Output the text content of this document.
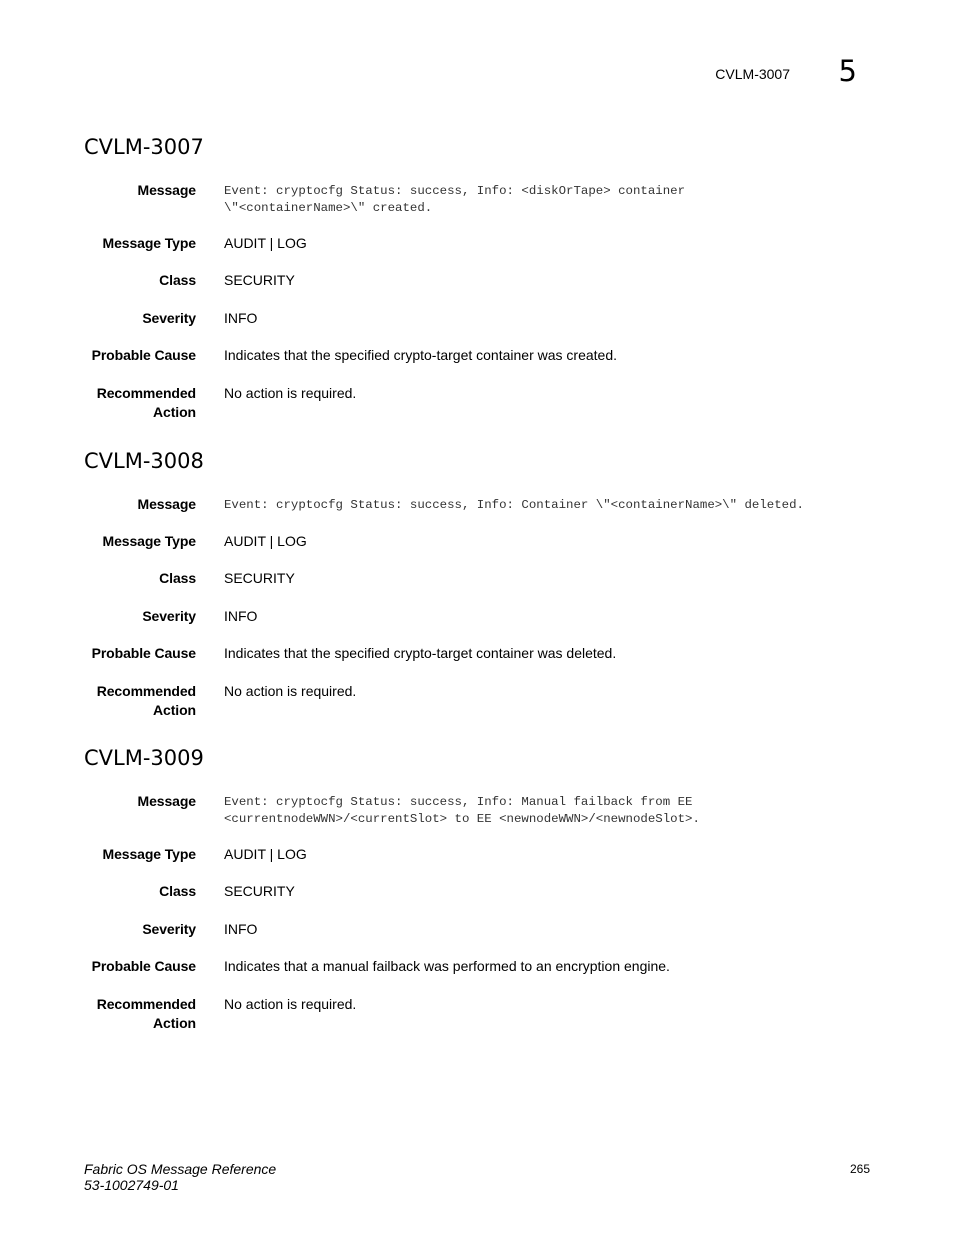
CVLM-3007 5
CVLM-3007
Message Event: cryptocfg Status: success, Info: <diskOrTape> container
\"<containerName>\" created.
Message Type AUDIT | LOG
Class SECURITY
Severity INFO
Probable Cause Indicates that the specified crypto-target container was created.
Recommended
Action
No action is required.
CVLM-3008
Message Event: cryptocfg Status: success, Info: Container \"<containerName>\" deleted.
Message Type AUDIT | LOG
Class SECURITY
Severity INFO
Probable Cause Indicates that the specified crypto-target container was deleted.
Recommended
Action
No action is required.
CVLM-3009
Message Event: cryptocfg Status: success, Info: Manual failback from EE
<currentnodeWWN>/<currentSlot> to EE <newnodeWWN>/<newnodeSlot>.
Message Type AUDIT | LOG
Class SECURITY
Severity INFO
Probable Cause Indicates that a manual failback was performed to an encryption engine.
Recommended
Action
No action is required.
Fabric OS Message Reference
53-1002749-01
265
